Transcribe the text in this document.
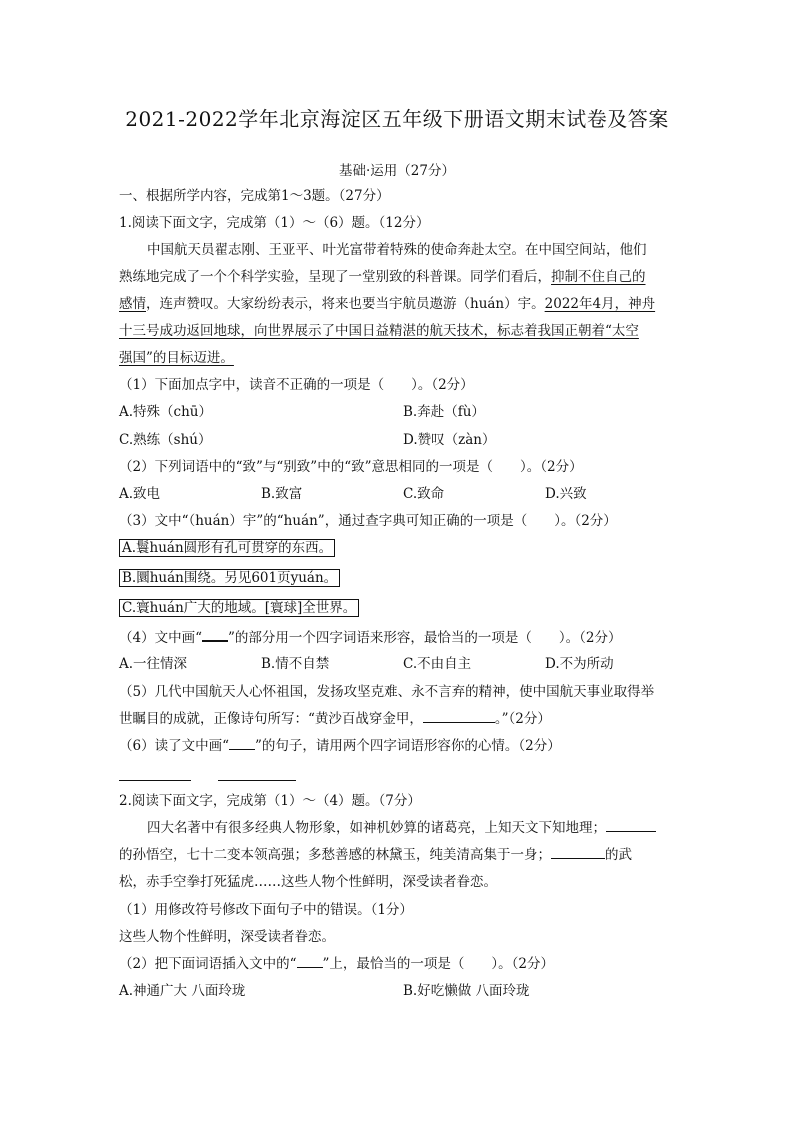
2021-2022学年北京海淀区五年级下册语文期末试卷及答案
基础·运用（27分）
一、根据所学内容，完成第1～3题。（27分）
1.阅读下面文字，完成第（1）～（6）题。（12分）
中国航天员翟志刚、王亚平、叶光富带着特殊的使命奔赴太空。在中国空间站，他们
熟练地完成了一个个科学实验，呈现了一堂别致的科普课。同学们看后，抑制不住自己的
感情，连声赞叹。大家纷纷表示，将来也要当宇航员遨游（huán）宇。2022年4月，神舟
十三号成功返回地球，向世界展示了中国日益精湛的航天技术，标志着我国正朝着“太空
强国”的目标迈进。
（1）下面加点字中，读音不正确的一项是（　　）。（2分）
A.特殊（chū）	B.奔赴（fù）
C.熟练（shú）	D.赞叹（zàn）
（2）下列词语中的“致”与“别致”中的“致”意思相同的一项是（　　）。（2分）
A.致电	B.致富	C.致命	D.兴致
（3）文中“（huán）宇”的“huán”，通过查字典可知正确的一项是（　　）。（2分）
A.鬟huán圆形有孔可贯穿的东西。
B.圜huán围绕。另见601页yuán。
C.寰huán广大的地域。[寰球]全世界。
（4）文中画“ ”的部分用一个四字词语来形容，最恰当的一项是（　　）。（2分）
A.一往情深	B.情不自禁	C.不由自主	D.不为所动
（5）几代中国航天人心怀祖国，发扬攻坚克难、永不言弃的精神，使中国航天事业取得举
世瞩目的成就，正像诗句所写：“黄沙百战穿金甲，	。”（2分）
（6）读了文中画“ ”的句子，请用两个四字词语形容你的心情。（2分）
2.阅读下面文字，完成第（1）～（4）题。（7分）
四大名著中有很多经典人物形象，如神机妙算的诸葛亮，上知天文下知地理；
的孙悟空，七十二变本领高强；多愁善感的林黛玉，纯美清高集于一身；	的武
松，赤手空拳打死猛虎……这些人物个性鲜明，深受读者眷恋。
（1）用修改符号修改下面句子中的错误。（1分）
这些人物个性鲜明，深受读者眷恋。
（2）把下面词语插入文中的“ ”上，最恰当的一项是（　　）。（2分）
A.神通广大 八面玲珑	B.好吃懒做 八面玲珑
